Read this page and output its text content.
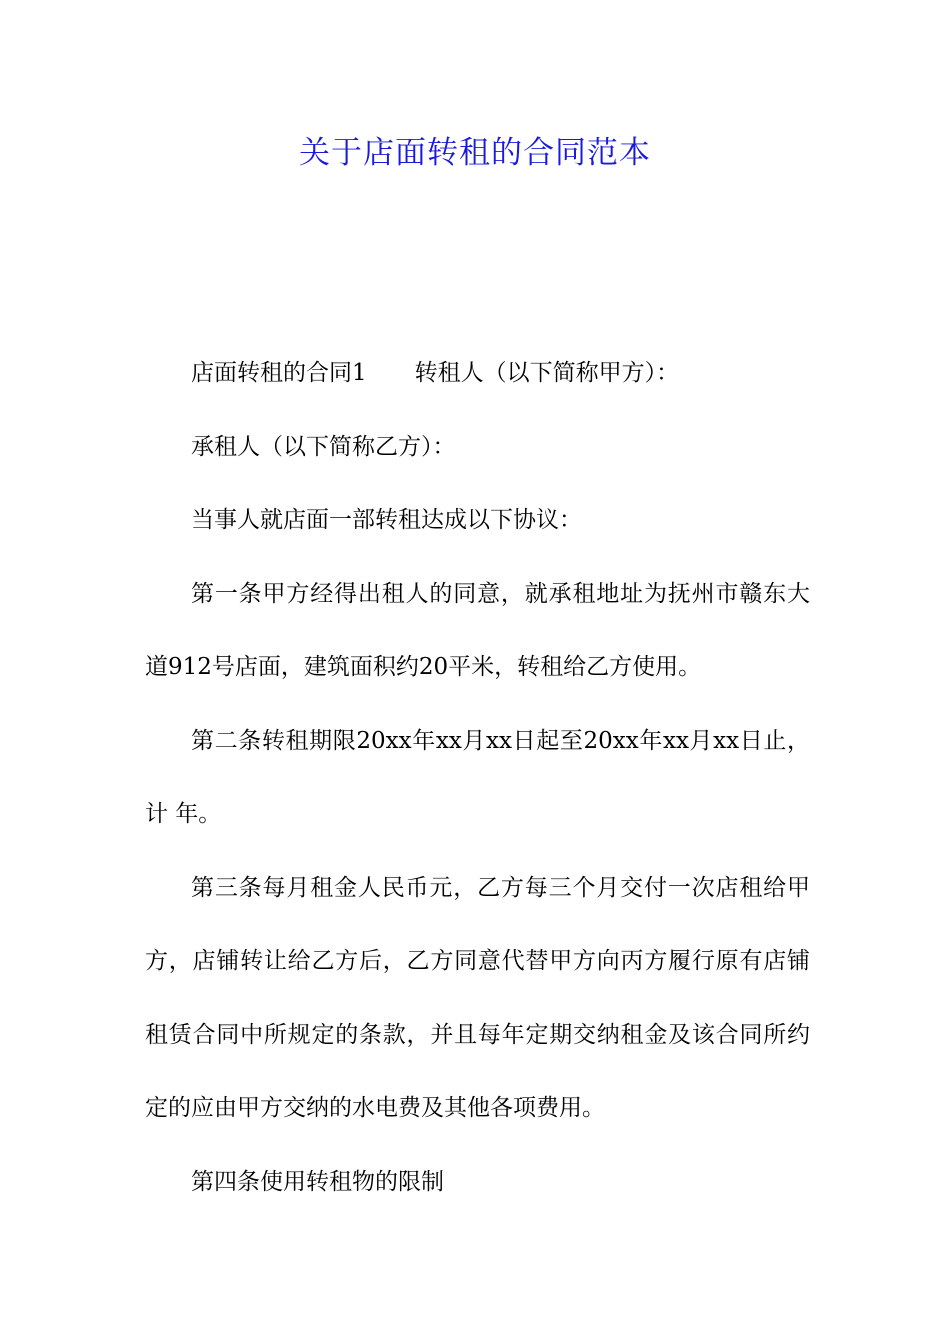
关于店面转租的合同范本

店面转租的合同1 转租人（以下简称甲方）：

承租人（以下简称乙方）：

当事人就店面一部转租达成以下协议：

第一条甲方经得出租人的同意，就承租地址为抚州市赣东大道912号店面，建筑面积约20平米，转租给乙方使用。

第二条转租期限20xx年xx月xx日起至20xx年xx月xx日止，计 年。

第三条每月租金人民币元，乙方每三个月交付一次店租给甲方，店铺转让给乙方后，乙方同意代替甲方向丙方履行原有店铺租赁合同中所规定的条款，并且每年定期交纳租金及该合同所约定的应由甲方交纳的水电费及其他各项费用。

第四条使用转租物的限制
